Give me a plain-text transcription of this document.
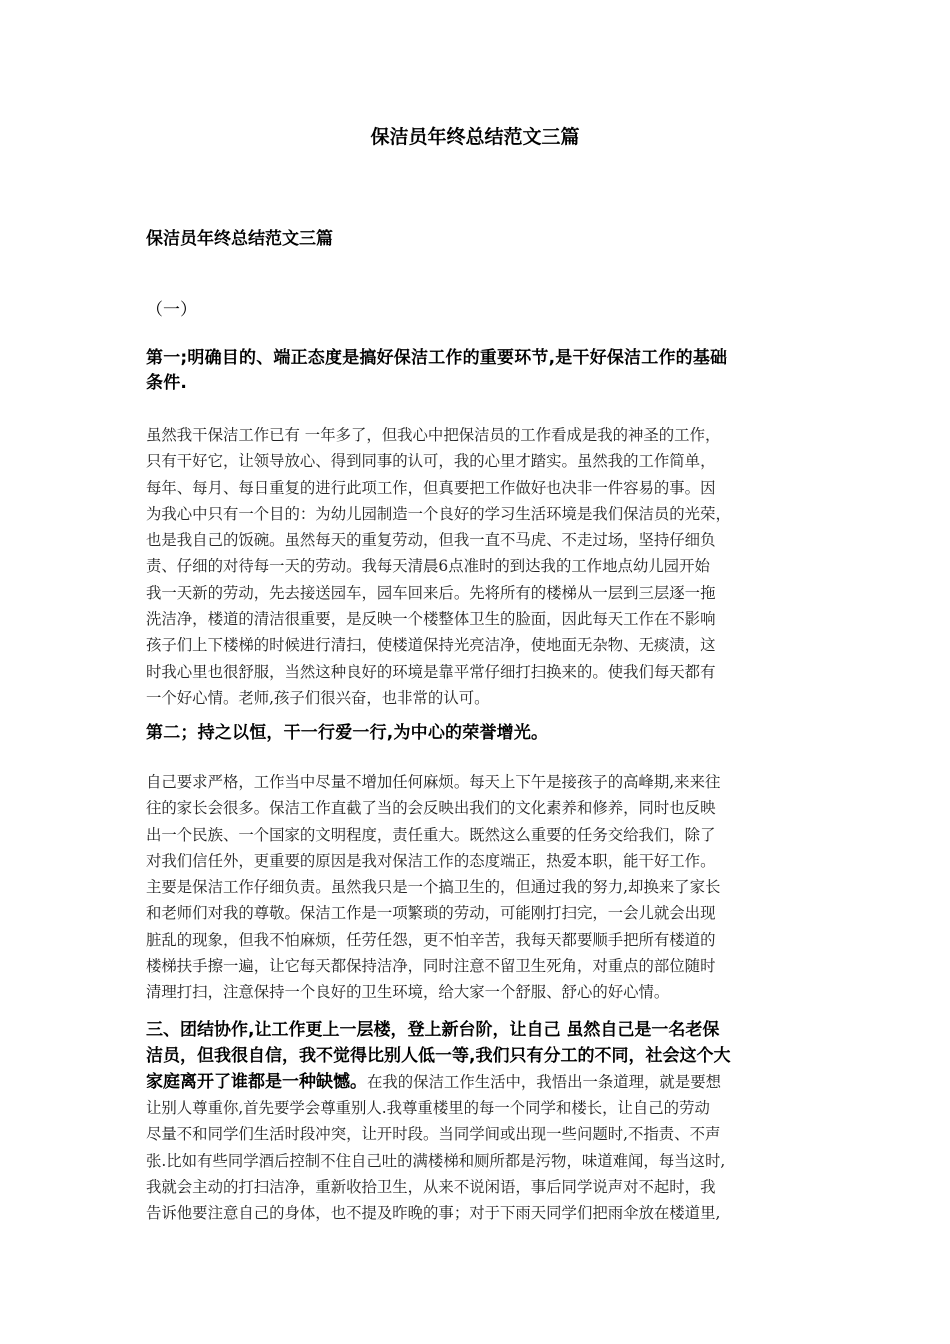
保洁员年终总结范文三篇
保洁员年终总结范文三篇
（一）
第一;明确目的、端正态度是搞好保洁工作的重要环节,是干好保洁工作的基础
条件.
虽然我干保洁工作已有 一年多了，但我心中把保洁员的工作看成是我的神圣的工作，
只有干好它，让领导放心、得到同事的认可，我的心里才踏实。虽然我的工作简单，
每年、每月、每日重复的进行此项工作，但真要把工作做好也决非一件容易的事。因
为我心中只有一个目的：为幼儿园制造一个良好的学习生活环境是我们保洁员的光荣，
也是我自己的饭碗。虽然每天的重复劳动，但我一直不马虎、不走过场，坚持仔细负
责、仔细的对待每一天的劳动。我每天清晨6点准时的到达我的工作地点幼儿园开始
我一天新的劳动，先去接送园车，园车回来后。先将所有的楼梯从一层到三层逐一拖
洗洁净，楼道的清洁很重要，是反映一个楼整体卫生的脸面，因此每天工作在不影响
孩子们上下楼梯的时候进行清扫，使楼道保持光亮洁净，使地面无杂物、无痰渍，这
时我心里也很舒服，当然这种良好的环境是靠平常仔细打扫换来的。使我们每天都有
一个好心情。老师,孩子们很兴奋，也非常的认可。
第二；持之以恒，干一行爱一行,为中心的荣誉增光。
自己要求严格，工作当中尽量不增加任何麻烦。每天上下午是接孩子的高峰期,来来往
往的家长会很多。保洁工作直截了当的会反映出我们的文化素养和修养，同时也反映
出一个民族、一个国家的文明程度，责任重大。既然这么重要的任务交给我们，除了
对我们信任外，更重要的原因是我对保洁工作的态度端正，热爱本职，能干好工作。
主要是保洁工作仔细负责。虽然我只是一个搞卫生的，但通过我的努力,却换来了家长
和老师们对我的尊敬。保洁工作是一项繁琐的劳动，可能刚打扫完，一会儿就会出现
脏乱的现象，但我不怕麻烦，任劳任怨，更不怕辛苦，我每天都要顺手把所有楼道的
楼梯扶手擦一遍，让它每天都保持洁净，同时注意不留卫生死角，对重点的部位随时
清理打扫，注意保持一个良好的卫生环境，给大家一个舒服、舒心的好心情。
三、团结协作,让工作更上一层楼，登上新台阶，让自己 虽然自己是一名老保
洁员，但我很自信，我不觉得比别人低一等,我们只有分工的不同，社会这个大
家庭离开了谁都是一种缺憾。在我的保洁工作生活中，我悟出一条道理，就是要想
让别人尊重你,首先要学会尊重别人.我尊重楼里的每一个同学和楼长，让自己的劳动
尽量不和同学们生活时段冲突，让开时段。当同学间或出现一些问题时,不指责、不声
张.比如有些同学酒后控制不住自己吐的满楼梯和厕所都是污物，味道难闻，每当这时,
我就会主动的打扫洁净，重新收拾卫生，从来不说闲语，事后同学说声对不起时，我
告诉他要注意自己的身体，也不提及昨晚的事；对于下雨天同学们把雨伞放在楼道里,
